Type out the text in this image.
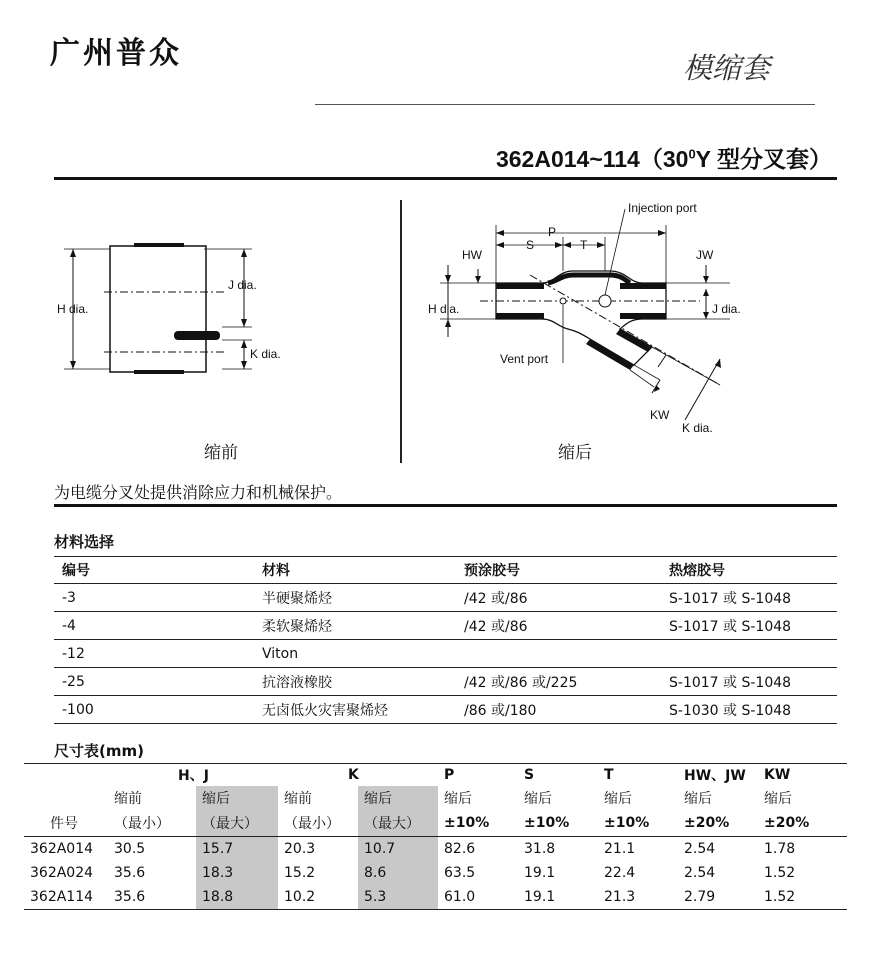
广州普众	模缩套
$362A014\sim 114(30^0Y$ 型分叉套）
H dia.
J dia.
K dia.
缩前
Injection port
P
S	T
HW	JW
H dia.	J dia.
Vent port
KW
K dia.
缩后
为电缆分叉处提供消除应力和机械保护。
材料选择
编号	材料	预涂胶号	热熔胶号
-3	半硬聚烯烃	/42 或/86	S-1017 或 S-1048
-4	柔软聚烯烃	/42 或/86	S-1017 或 S-1048
-12	Viton		
-25	抗溶液橡胶	/42 或/86 或/225	S-1017 或 S-1048
-100	无卤低火灾害聚烯烃	/86 或/180	S-1030 或 S-1048
尺寸表(mm)
	H、J		K		P	S	T	HW、JW	KW
	缩前	缩后	缩前	缩后	缩后	缩后	缩后	缩后	缩后
件号	（最小）	（最大）	（最小）	（最大）	±10%	±10%	±10%	±20%	±20%
362A014	30.5	15.7	20.3	10.7	82.6	31.8	21.1	2.54	1.78
362A024	35.6	18.3	15.2	8.6	63.5	19.1	22.4	2.54	1.52
362A114	35.6	18.8	10.2	5.3	61.0	19.1	21.3	2.79	1.52
